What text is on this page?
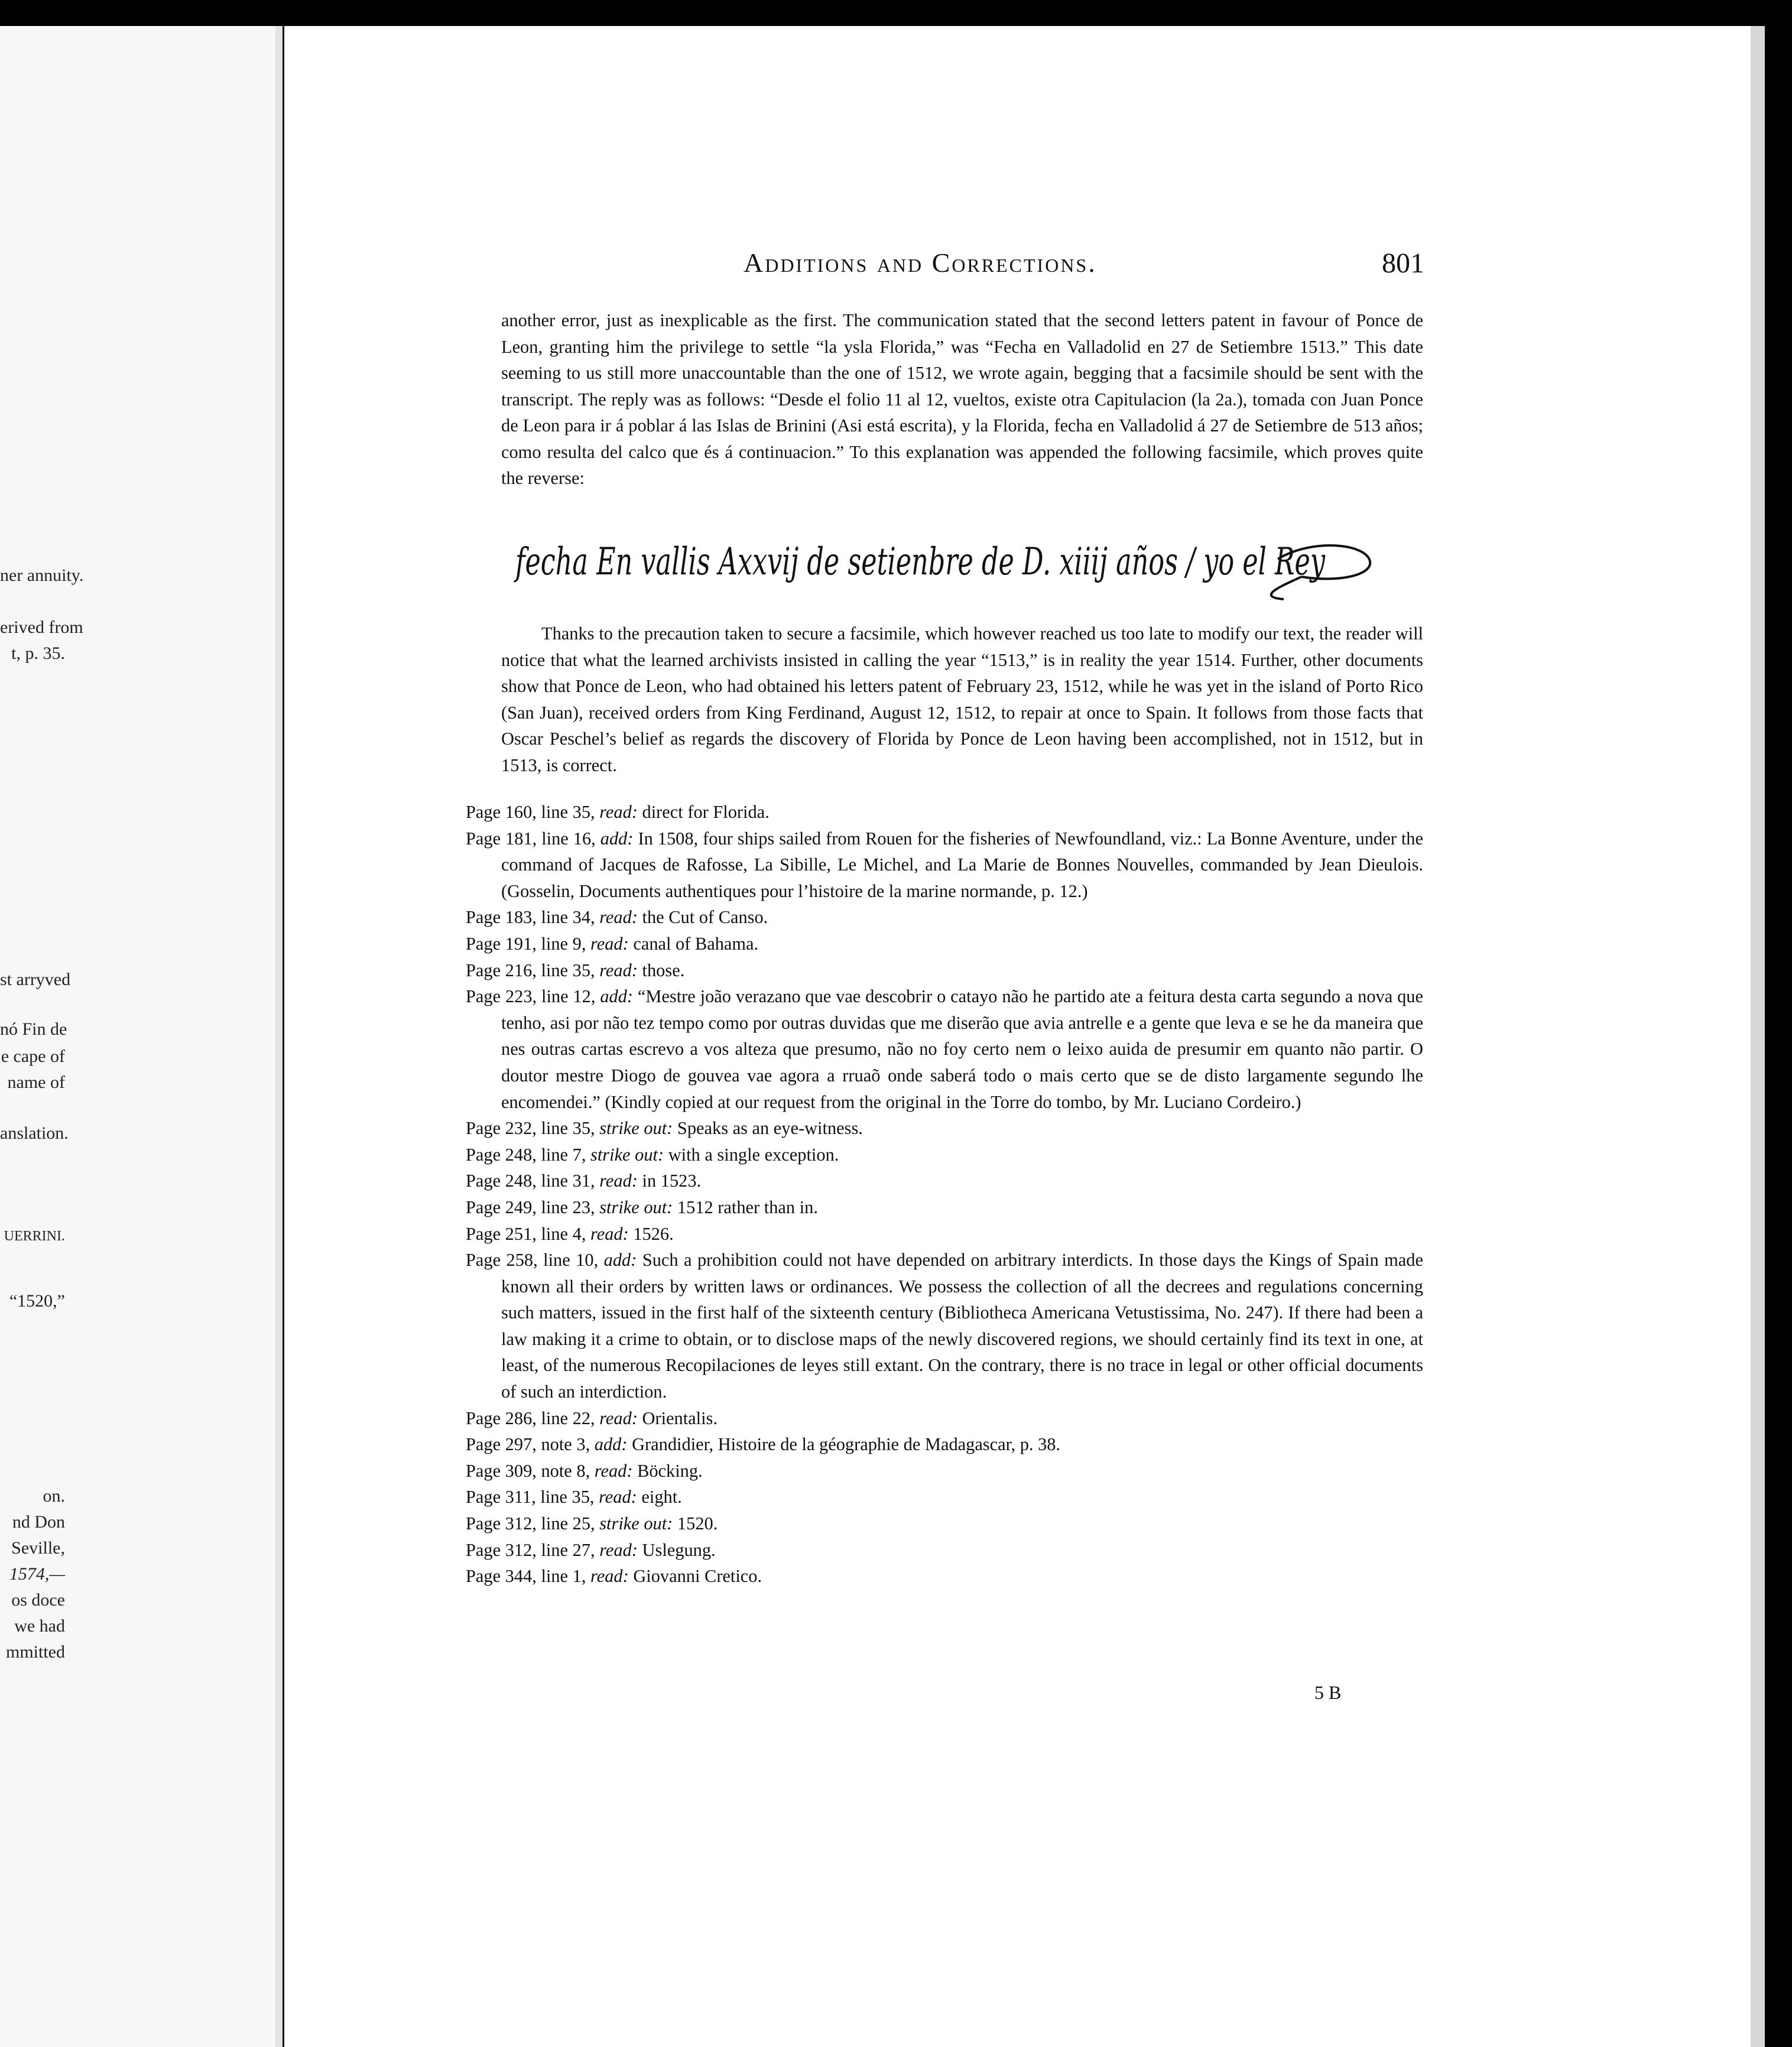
ner annuity.
erived from
t, p. 35.
st arryved
nó Fin de
e cape of
name of
anslation.
UERRINI.
“1520,”
on.
nd Don
Seville,
1574,—
os doce
we had
mmitted
Additions and Corrections.	801
another error, just as inexplicable as the first. The communication stated that the second letters patent in favour of Ponce de Leon, granting him the privilege to settle “la ysla Florida,” was “Fecha en Valladolid en 27 de Setiembre 1513.” This date seeming to us still more unaccountable than the one of 1512, we wrote again, begging that a facsimile should be sent with the transcript. The reply was as follows: “Desde el folio 11 al 12, vueltos, existe otra Capitulacion (la 2a.), tomada con Juan Ponce de Leon para ir á poblar á las Islas de Brinini (Asi está escrita), y la Florida, fecha en Valladolid á 27 de Setiembre de 513 años; como resulta del calco que és á continuacion.” To this explanation was appended the following facsimile, which proves quite the reverse:
fecha En vallis Axxvij de setienbre de D. xiiij años / yo el Rey
Thanks to the precaution taken to secure a facsimile, which however reached us too late to modify our text, the reader will notice that what the learned archivists insisted in calling the year “1513,” is in reality the year 1514. Further, other documents show that Ponce de Leon, who had obtained his letters patent of February 23, 1512, while he was yet in the island of Porto Rico (San Juan), received orders from King Ferdinand, August 12, 1512, to repair at once to Spain. It follows from those facts that Oscar Peschel’s belief as regards the discovery of Florida by Ponce de Leon having been accomplished, not in 1512, but in 1513, is correct.
Page 160, line 35, read: direct for Florida.
Page 181, line 16, add: In 1508, four ships sailed from Rouen for the fisheries of Newfoundland, viz.: La Bonne Aventure, under the command of Jacques de Rafosse, La Sibille, Le Michel, and La Marie de Bonnes Nouvelles, commanded by Jean Dieulois. (Gosselin, Documents authentiques pour l’histoire de la marine normande, p. 12.)
Page 183, line 34, read: the Cut of Canso.
Page 191, line 9, read: canal of Bahama.
Page 216, line 35, read: those.
Page 223, line 12, add: “Mestre joão verazano que vae descobrir o catayo não he partido ate a feitura desta carta segundo a nova que tenho, asi por não tez tempo como por outras duvidas que me diserão que avia antrelle e a gente que leva e se he da maneira que nes outras cartas escrevo a vos alteza que presumo, não no foy certo nem o leixo auida de presumir em quanto não partir. O doutor mestre Diogo de gouvea vae agora a rruaõ onde saberá todo o mais certo que se de disto largamente segundo lhe encomendei.” (Kindly copied at our request from the original in the Torre do tombo, by Mr. Luciano Cordeiro.)
Page 232, line 35, strike out: Speaks as an eye-witness.
Page 248, line 7, strike out: with a single exception.
Page 248, line 31, read: in 1523.
Page 249, line 23, strike out: 1512 rather than in.
Page 251, line 4, read: 1526.
Page 258, line 10, add: Such a prohibition could not have depended on arbitrary interdicts. In those days the Kings of Spain made known all their orders by written laws or ordinances. We possess the collection of all the decrees and regulations concerning such matters, issued in the first half of the sixteenth century (Bibliotheca Americana Vetustissima, No. 247). If there had been a law making it a crime to obtain, or to disclose maps of the newly discovered regions, we should certainly find its text in one, at least, of the numerous Recopilaciones de leyes still extant. On the contrary, there is no trace in legal or other official documents of such an interdiction.
Page 286, line 22, read: Orientalis.
Page 297, note 3, add: Grandidier, Histoire de la géographie de Madagascar, p. 38.
Page 309, note 8, read: Böcking.
Page 311, line 35, read: eight.
Page 312, line 25, strike out: 1520.
Page 312, line 27, read: Uslegung.
Page 344, line 1, read: Giovanni Cretico.
5 B
